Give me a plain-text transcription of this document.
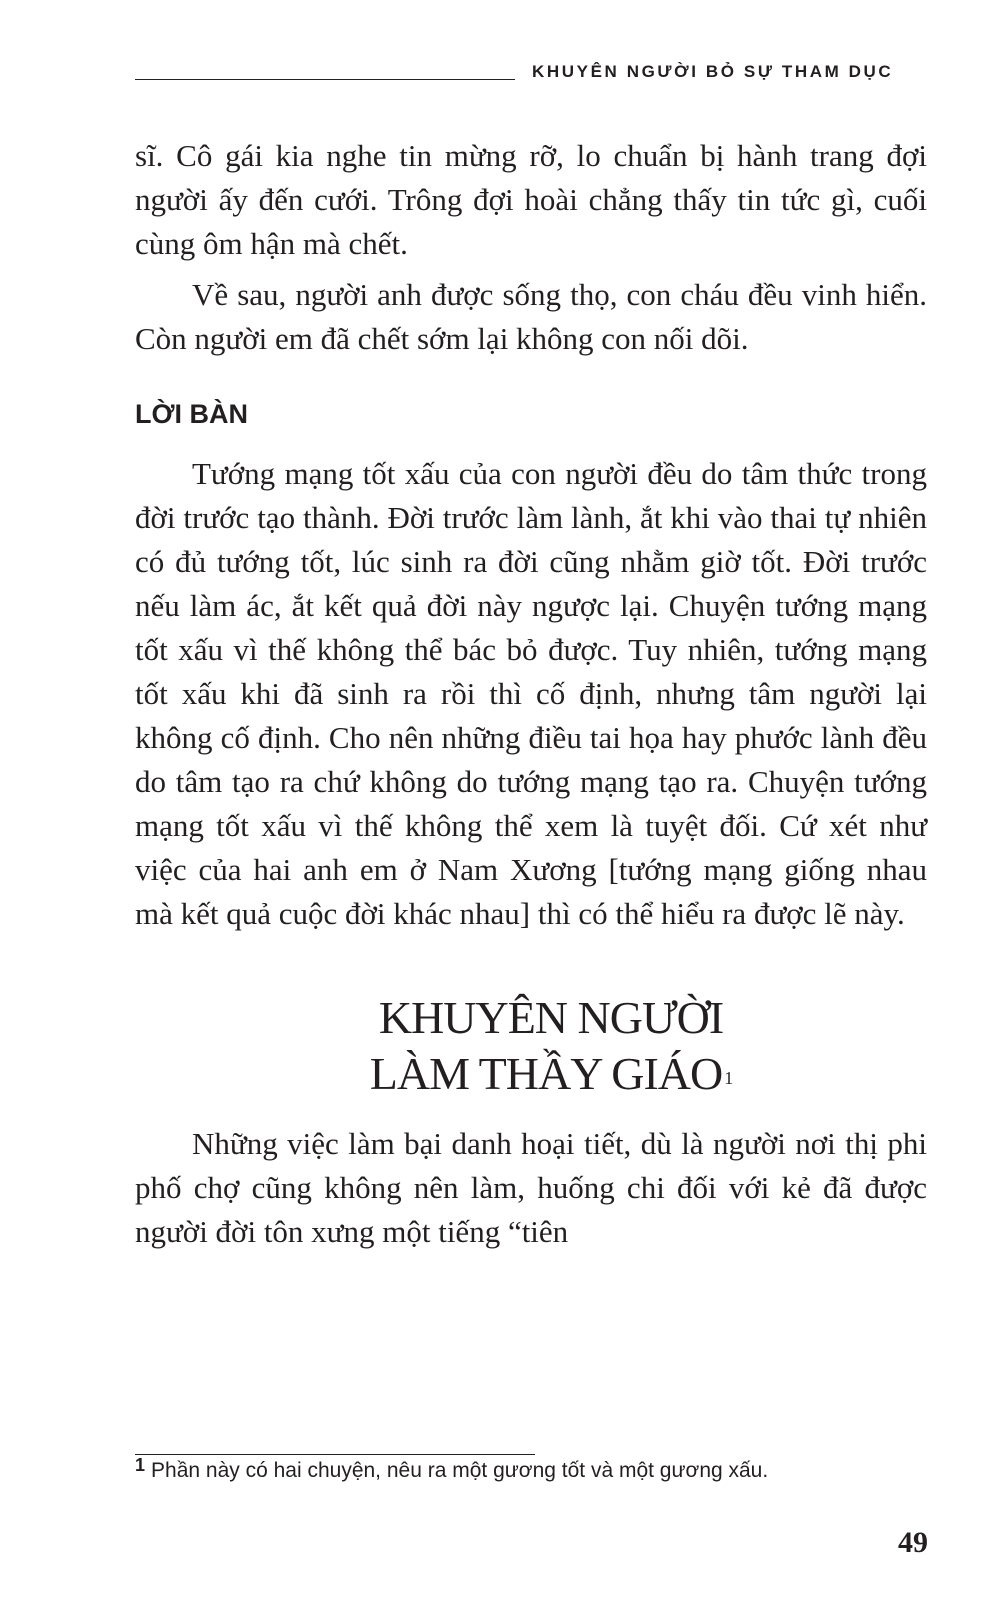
KHUYÊN NGƯỜI BỎ SỰ THAM DỤC

sĩ. Cô gái kia nghe tin mừng rỡ, lo chuẩn bị hành trang đợi người ấy đến cưới. Trông đợi hoài chẳng thấy tin tức gì, cuối cùng ôm hận mà chết.

Về sau, người anh được sống thọ, con cháu đều vinh hiển. Còn người em đã chết sớm lại không con nối dõi.

LỜI BÀN

Tướng mạng tốt xấu của con người đều do tâm thức trong đời trước tạo thành. Đời trước làm lành, ắt khi vào thai tự nhiên có đủ tướng tốt, lúc sinh ra đời cũng nhằm giờ tốt. Đời trước nếu làm ác, ắt kết quả đời này ngược lại. Chuyện tướng mạng tốt xấu vì thế không thể bác bỏ được. Tuy nhiên, tướng mạng tốt xấu khi đã sinh ra rồi thì cố định, nhưng tâm người lại không cố định. Cho nên những điều tai họa hay phước lành đều do tâm tạo ra chứ không do tướng mạng tạo ra. Chuyện tướng mạng tốt xấu vì thế không thể xem là tuyệt đối. Cứ xét như việc của hai anh em ở Nam Xương [tướng mạng giống nhau mà kết quả cuộc đời khác nhau] thì có thể hiểu ra được lẽ này.

KHUYÊN NGƯỜI
LÀM THẦY GIÁO $^1$

Những việc làm bại danh hoại tiết, dù là người nơi thị phi phố chợ cũng không nên làm, huống chi đối với kẻ đã được người đời tôn xưng một tiếng “tiên

1 Phần này có hai chuyện, nêu ra một gương tốt và một gương xấu.
49
